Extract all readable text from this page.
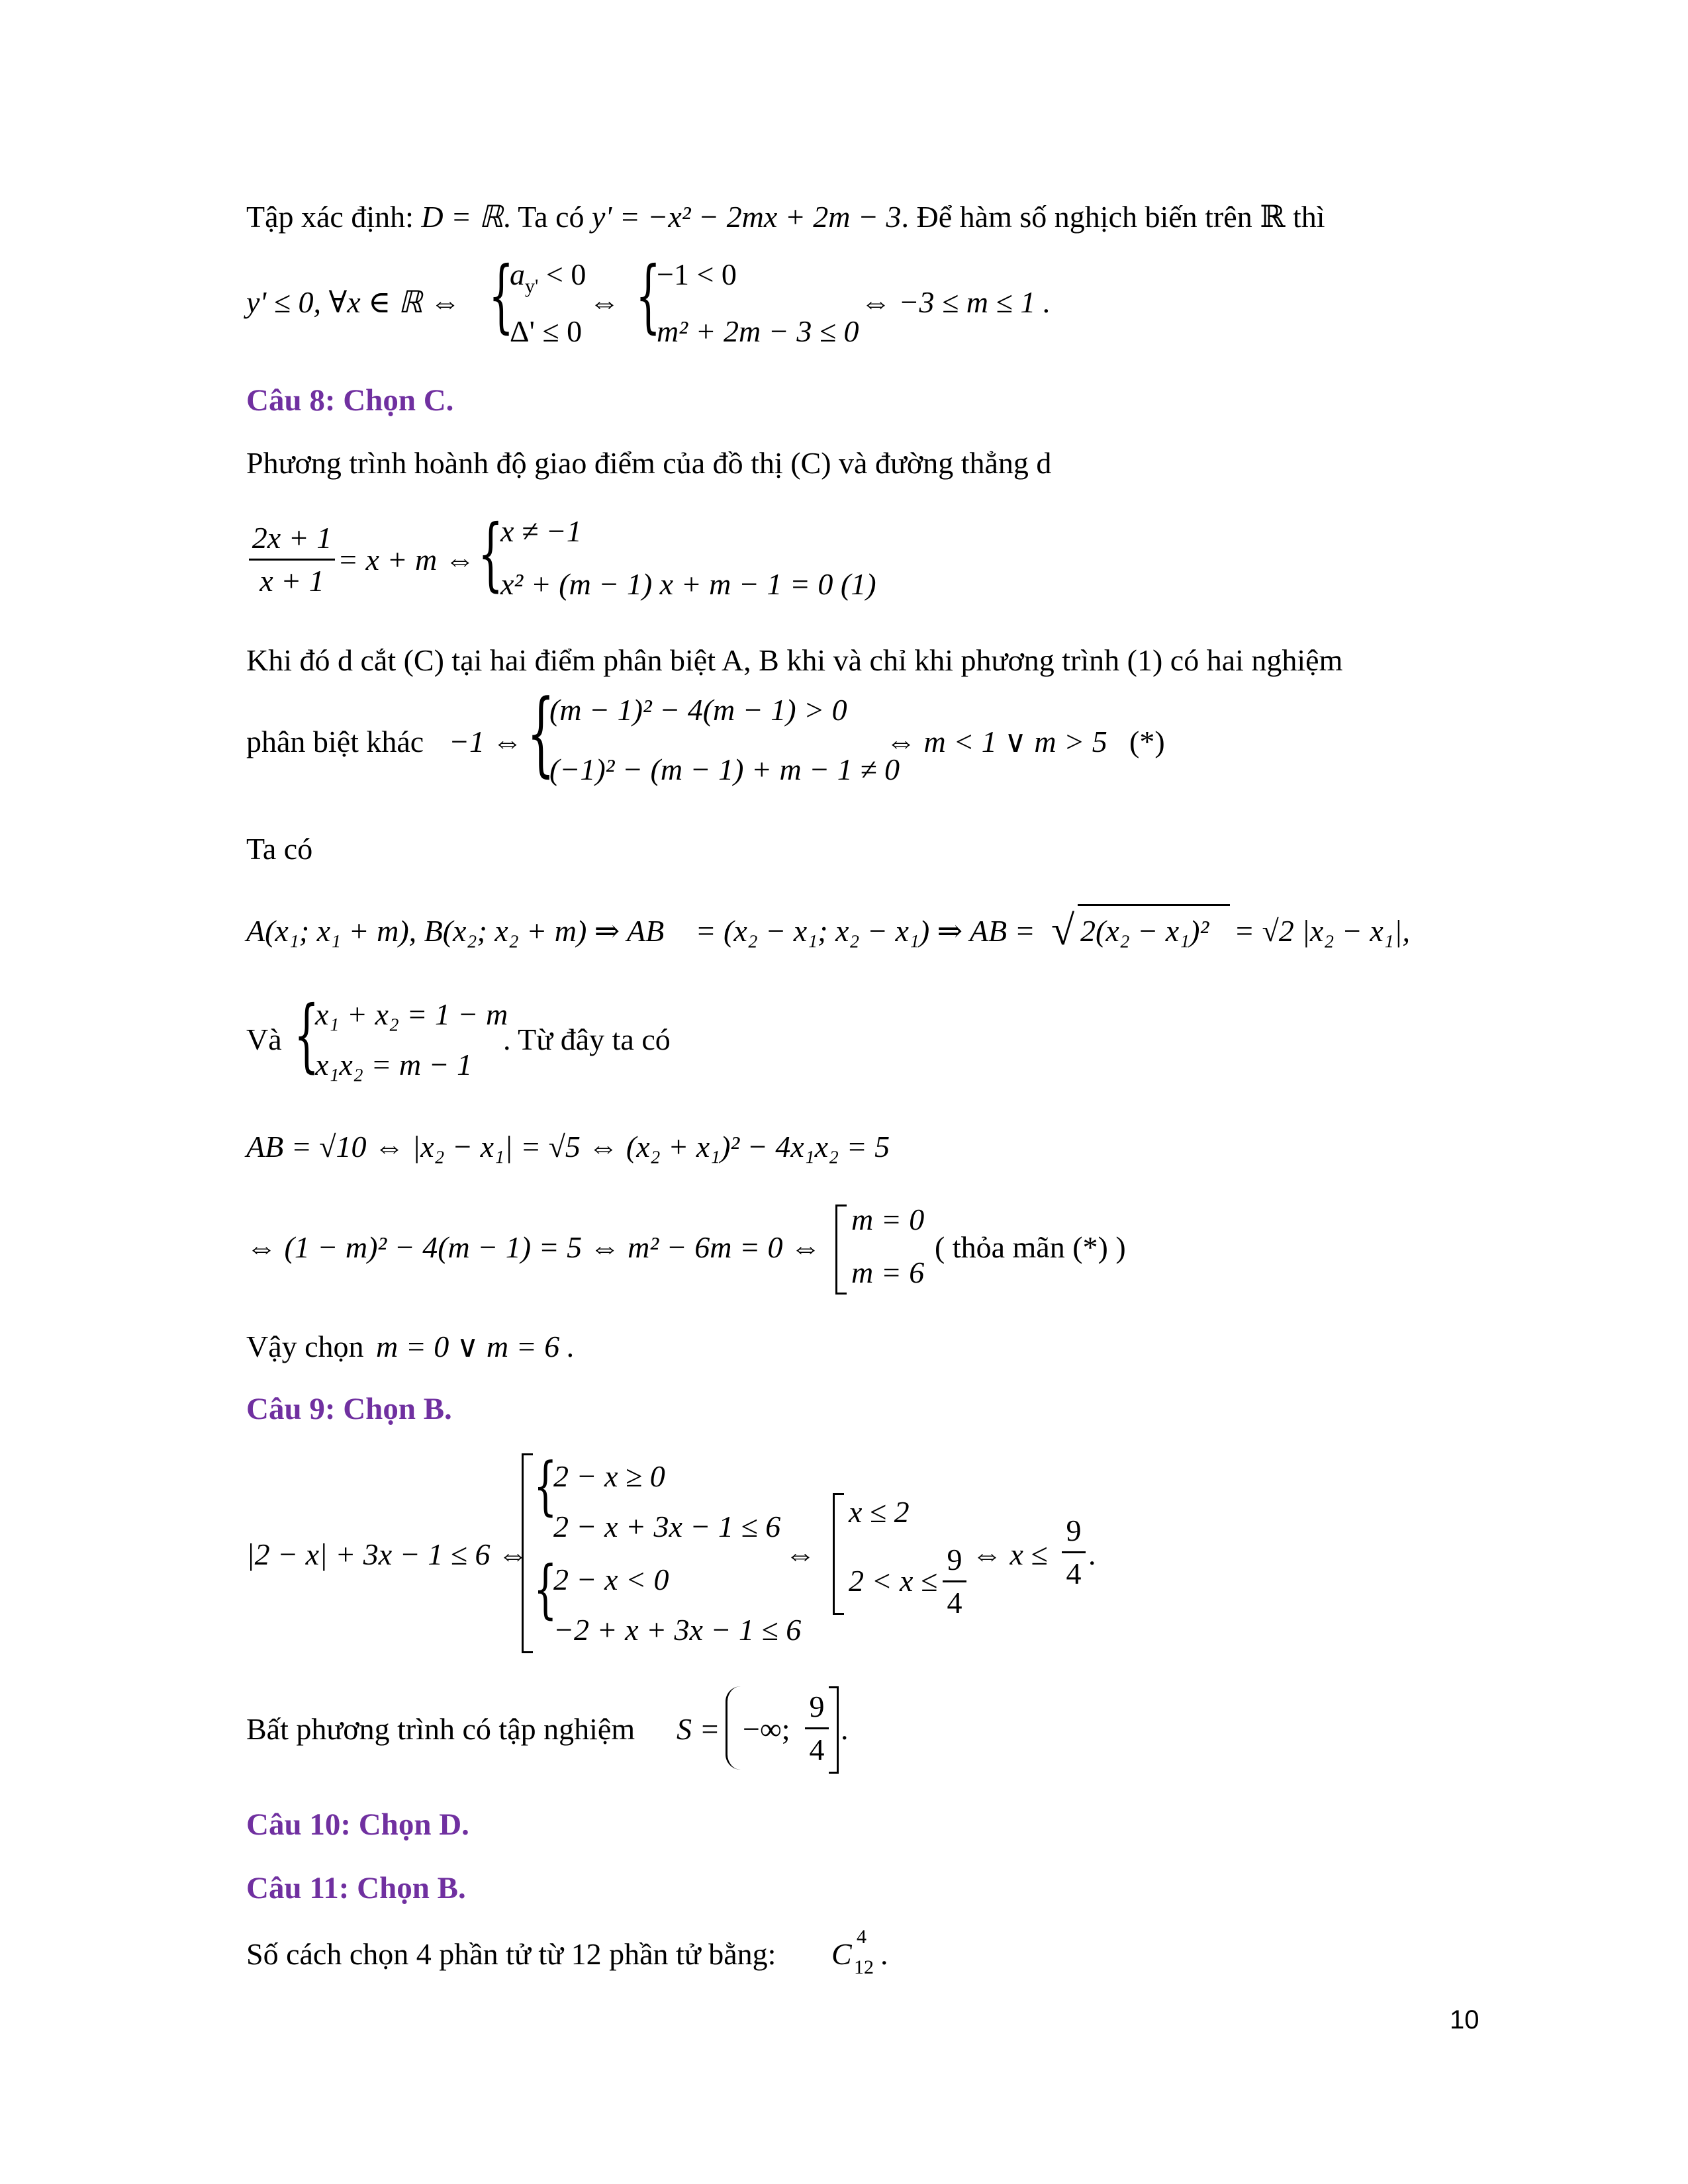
Tập xác định: D = ℝ. Ta có y' = −x² − 2mx + 2m − 3. Để hàm số nghịch biến trên ℝ thì
y' ≤ 0, ∀x ∈ ℝ ⇔ {
$a_{y'} < 0$
Δ' ≤ 0
⇔ {
−1 < 0
m² + 2m − 3 ≤ 0
⇔ −3 ≤ m ≤ 1 .
Câu 8: Chọn C.
Phương trình hoành độ giao điểm của đồ thị (C) và đường thẳng d
2x + 1
x + 1
= x + m ⇔ {
x ≠ −1
x² + (m − 1) x + m − 1 = 0 (1)
Khi đó d cắt (C) tại hai điểm phân biệt A, B khi và chỉ khi phương trình (1) có hai nghiệm
phân biệt khác −1 ⇔ {
(m − 1)² − 4(m − 1) > 0
(−1)² − (m − 1) + m − 1 ≠ 0
⇔ m < 1 ∨ m > 5 (*)
Ta có
A(x₁; x₁ + m), B(x₂; x₂ + m) ⇒ AB⃗ = (x₂ − x₁; x₂ − x₁) ⇒ AB = √ 2(x₂ − x₁)² = √2 |x₂ − x₁|,
Và {
x₁ + x₂ = 1 − m
x₁x₂ = m − 1
. Từ đây ta có
AB = √10 ⇔ |x₂ − x₁| = √5 ⇔ (x₂ + x₁)² − 4x₁x₂ = 5
⇔ (1 − m)² − 4(m − 1) = 5 ⇔ m² − 6m = 0 ⇔
m = 0
m = 6
( thỏa mãn (*) )
Vậy chọn m = 0 ∨ m = 6 .
Câu 9: Chọn B.
|2 − x| + 3x − 1 ≤ 6 ⇔
{
2 − x ≥ 0
2 − x + 3x − 1 ≤ 6
{
2 − x < 0
−2 + x + 3x − 1 ≤ 6
⇔
x ≤ 2
2 < x ≤
9
4
⇔ x ≤
9
4
.
Bất phương trình có tập nghiệm S = −∞;
9
4
.
Câu 10: Chọn D.
Câu 11: Chọn B.
Số cách chọn 4 phần tử từ 12 phần tử bằng: C
4
12 .
10
